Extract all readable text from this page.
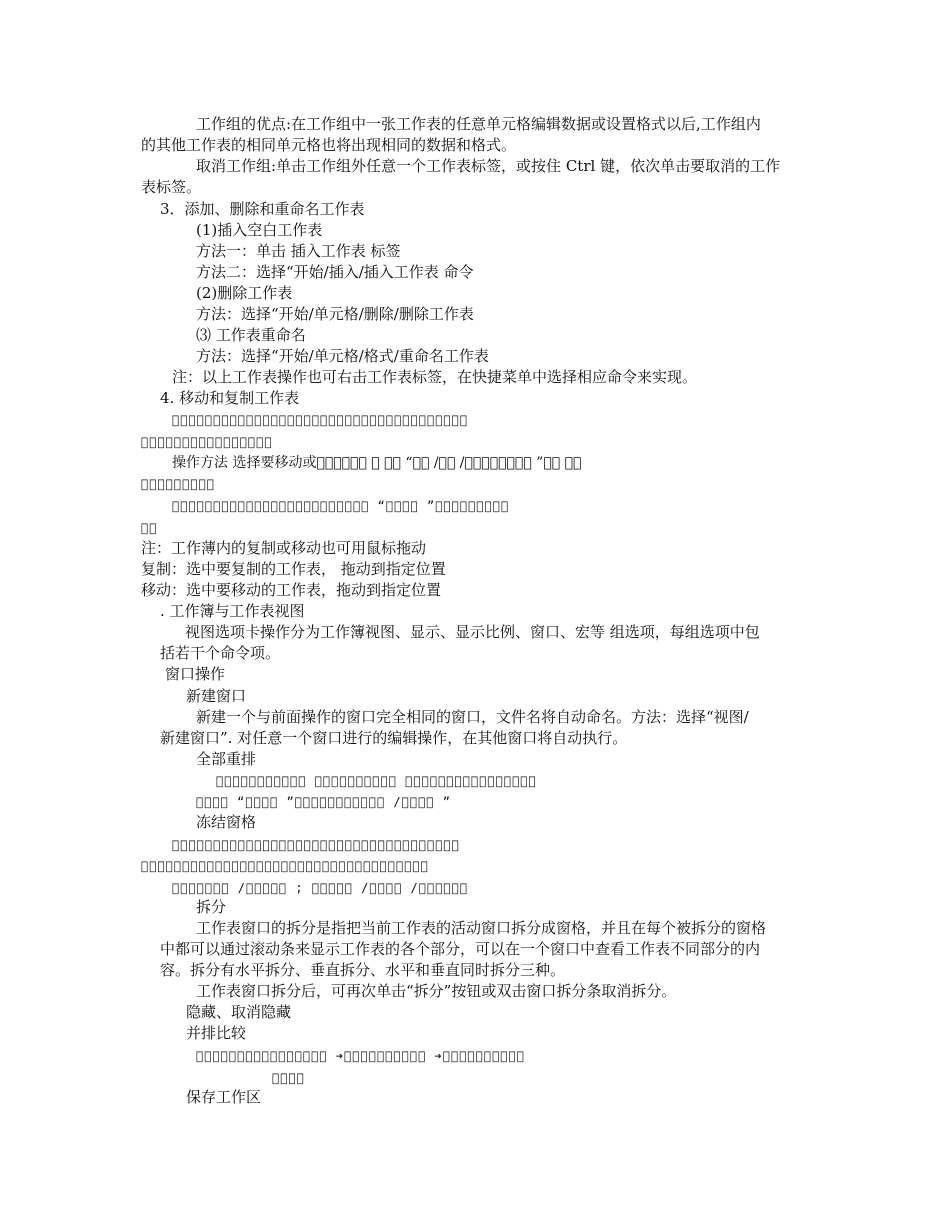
工作组的优点:在工作组中一张工作表的任意单元格编辑数据或设置格式以后,工作组内
的其他工作表的相同单元格也将出现相同的数据和格式。
取消工作组:单击工作组外任意一个工作表标签，或按住 Ctrl 键，依次单击要取消的工作
表标签。
3．添加、删除和重命名工作表
(1)插入空白工作表
方法一：单击 插入工作表 标签
方法二：选择“开始/插入/插入工作表 命令
(2)删除工作表
方法：选择“开始/单元格/删除/删除工作表
⑶ 工作表重命名
方法：选择“开始/单元格/格式/重命名工作表
注：以上工作表操作也可右击工作表标签，在快捷菜单中选择相应命令来实现。
4. 移动和复制工作表
􀀀􀀀􀀀􀀀􀀀􀀀􀀀􀀀􀀀􀀀􀀀􀀀􀀀􀀀􀀀􀀀􀀀􀀀􀀀􀀀􀀀􀀀􀀀􀀀􀀀􀀀􀀀􀀀􀀀􀀀􀀀􀀀􀀀􀀀􀀀􀀀
􀀀􀀀􀀀􀀀􀀀􀀀􀀀􀀀􀀀􀀀􀀀􀀀􀀀􀀀􀀀􀀀
操作方法 选择要移动或􀀀􀀀􀀀􀀀􀀀􀀀 ➔ 􀀀􀀀 “􀀀􀀀 /􀀀􀀀 /􀀀􀀀􀀀􀀀􀀀􀀀􀀀􀀀 ”􀀀􀀀 ➔􀀀
􀀀􀀀􀀀􀀀􀀀􀀀􀀀􀀀􀀀
􀀀􀀀􀀀􀀀􀀀􀀀􀀀􀀀􀀀􀀀􀀀􀀀􀀀􀀀􀀀􀀀􀀀􀀀􀀀􀀀􀀀􀀀􀀀􀀀 “􀀀􀀀􀀀􀀀 ”􀀀􀀀􀀀􀀀􀀀􀀀􀀀􀀀􀀀
􀀀􀀀
注：工作薄内的复制或移动也可用鼠标拖动
复制：选中要复制的工作表， 拖动到指定位置
移动：选中要移动的工作表，拖动到指定位置
. 工作簿与工作表视图
视图选项卡操作分为工作簿视图、显示、显示比例、窗口、宏等 组选项，每组选项中包
括若干个命令项。
窗口操作
新建窗口
新建一个与前面操作的窗口完全相同的窗口，文件名将自动命名。方法：选择“视图/
新建窗口”. 对任意一个窗口进行的编辑操作，在其他窗口将自动执行。
全部重排
􀀀􀀀􀀀􀀀􀀀􀀀􀀀􀀀􀀀􀀀􀀀 􀀀􀀀􀀀􀀀􀀀􀀀􀀀􀀀􀀀􀀀 􀀀􀀀􀀀􀀀􀀀􀀀􀀀􀀀􀀀􀀀􀀀􀀀􀀀􀀀􀀀􀀀
􀀀􀀀􀀀􀀀 “􀀀􀀀􀀀􀀀 ”􀀀􀀀􀀀􀀀􀀀􀀀􀀀􀀀􀀀􀀀􀀀 /􀀀􀀀􀀀􀀀 ”
冻结窗格
􀀀􀀀􀀀􀀀􀀀􀀀􀀀􀀀􀀀􀀀􀀀􀀀􀀀􀀀􀀀􀀀􀀀􀀀􀀀􀀀􀀀􀀀􀀀􀀀􀀀􀀀􀀀􀀀􀀀􀀀􀀀􀀀􀀀􀀀􀀀
􀀀􀀀􀀀􀀀􀀀􀀀􀀀􀀀􀀀􀀀􀀀􀀀􀀀􀀀􀀀􀀀􀀀􀀀􀀀􀀀􀀀􀀀􀀀􀀀􀀀􀀀􀀀􀀀􀀀􀀀􀀀􀀀􀀀􀀀􀀀
􀀀􀀀􀀀􀀀􀀀􀀀􀀀 /􀀀􀀀􀀀􀀀􀀀 ; 􀀀􀀀􀀀􀀀􀀀 /􀀀􀀀􀀀􀀀 /􀀀􀀀􀀀􀀀􀀀􀀀
拆分
工作表窗口的拆分是指把当前工作表的活动窗口拆分成窗格，并且在每个被拆分的窗格
中都可以通过滚动条来显示工作表的各个部分，可以在一个窗口中查看工作表不同部分的内
容。拆分有水平拆分、垂直拆分、水平和垂直同时拆分三种。
工作表窗口拆分后，可再次单击“拆分”按钮或双击窗口拆分条取消拆分。
隐藏、取消隐藏
并排比较
􀀀􀀀􀀀􀀀􀀀􀀀􀀀􀀀􀀀􀀀􀀀􀀀􀀀􀀀􀀀􀀀 ➔􀀀􀀀􀀀􀀀􀀀􀀀􀀀􀀀􀀀􀀀 ➔􀀀􀀀􀀀􀀀􀀀􀀀􀀀􀀀􀀀􀀀
􀀀􀀀􀀀􀀀
保存工作区
